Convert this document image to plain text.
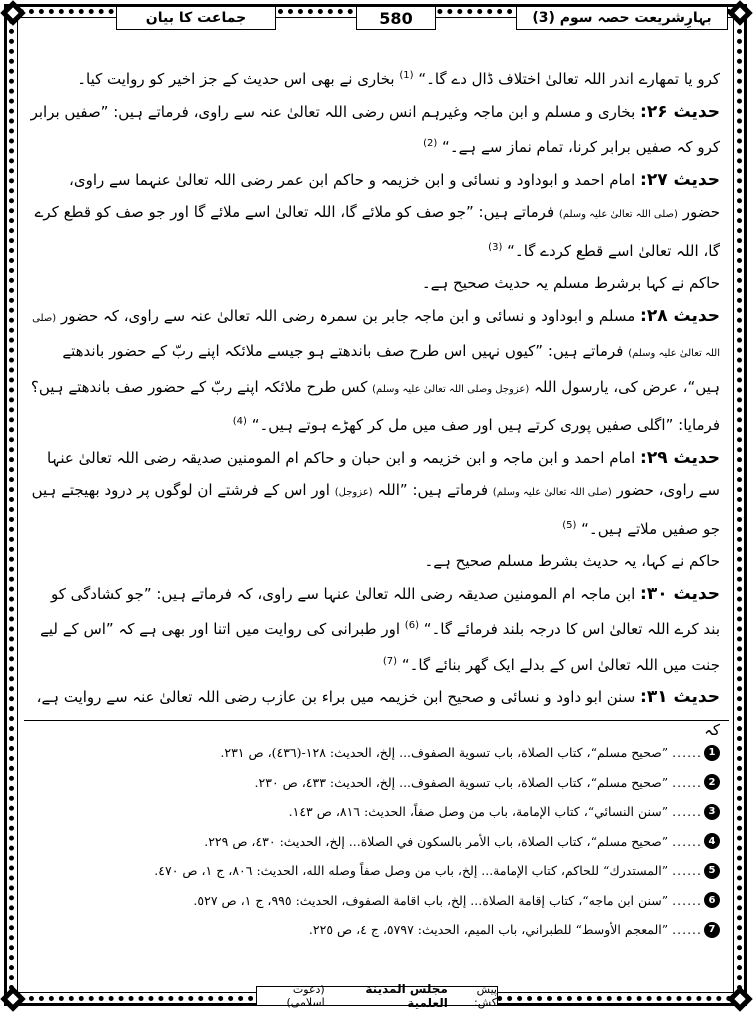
جماعت کا بیان	580	بہارِشریعت حصہ سوم (3)

کرو یا تمھارے اندر اللہ تعالیٰ اختلاف ڈال دے گا۔“ $^{(1)}$ بخاری نے بھی اس حدیث کے جز اخیر کو روایت کیا۔

حدیث ۲۶: بخاری و مسلم و ابن ماجہ وغیرہم انس رضی اللہ تعالیٰ عنہ سے راوی، فرماتے ہیں: ”صفیں برابر کرو کہ صفیں برابر کرنا، تمام نماز سے ہے۔“ $^{(2)}$

حدیث ۲۷: امام احمد و ابوداود و نسائی و ابن خزیمہ و حاکم ابن عمر رضی اللہ تعالیٰ عنہما سے راوی، حضور (صلی اللہ تعالیٰ علیہ وسلم) فرماتے ہیں: ”جو صف کو ملائے گا، اللہ تعالیٰ اسے ملائے گا اور جو صف کو قطع کرے گا، اللہ تعالیٰ اسے قطع کردے گا۔“ $^{(3)}$

حاکم نے کہا برشرط مسلم یہ حدیث صحیح ہے۔

حدیث ۲۸: مسلم و ابوداود و نسائی و ابن ماجہ جابر بن سمرہ رضی اللہ تعالیٰ عنہ سے راوی، کہ حضور (صلی اللہ تعالیٰ علیہ وسلم) فرماتے ہیں: ”کیوں نہیں اس طرح صف باندھتے ہو جیسے ملائکہ اپنے ربّ کے حضور باندھتے ہیں“، عرض کی، یارسول اللہ (عزوجل وصلی اللہ تعالیٰ علیہ وسلم) کس طرح ملائکہ اپنے ربّ کے حضور صف باندھتے ہیں؟ فرمایا: ”اگلی صفیں پوری کرتے ہیں اور صف میں مل کر کھڑے ہوتے ہیں۔“ $^{(4)}$

حدیث ۲۹: امام احمد و ابن ماجہ و ابن خزیمہ و ابن حبان و حاکم ام المومنین صدیقہ رضی اللہ تعالیٰ عنہا سے راوی، حضور (صلی اللہ تعالیٰ علیہ وسلم) فرماتے ہیں: ”اللہ (عزوجل) اور اس کے فرشتے ان لوگوں پر درود بھیجتے ہیں جو صفیں ملاتے ہیں۔“ $^{(5)}$

حاکم نے کہا، یہ حدیث بشرط مسلم صحیح ہے۔

حدیث ۳۰: ابن ماجہ ام المومنین صدیقہ رضی اللہ تعالیٰ عنہا سے راوی، کہ فرماتے ہیں: ”جو کشادگی کو بند کرے اللہ تعالیٰ اس کا درجہ بلند فرمائے گا۔“ $^{(6)}$ اور طبرانی کی روایت میں اتنا اور بھی ہے کہ ”اس کے لیے جنت میں اللہ تعالیٰ اس کے بدلے ایک گھر بنائے گا۔“ $^{(7)}$

حدیث ۳۱: سنن ابو داود و نسائی و صحیح ابن خزیمہ میں براء بن عازب رضی اللہ تعالیٰ عنہ سے روایت ہے، کہ

1
......
”صحيح مسلم“، كتاب الصلاة، باب تسوية الصفوف... إلخ، الحديث: ١٢٨-(٤٣٦)، ص ٢٣١.
2
......
”صحيح مسلم“، كتاب الصلاة، باب تسوية الصفوف... إلخ، الحديث: ٤٣٣، ص ٢٣٠.
3
......
”سنن النسائي“، كتاب الإمامة، باب من وصل صفاً، الحديث: ٨١٦، ص ١٤٣.
4
......
”صحيح مسلم“، كتاب الصلاة، باب الأمر بالسكون في الصلاة... إلخ، الحديث: ٤٣٠، ص ٢٢٩.
5
......
”المستدرك“ للحاكم، كتاب الإمامة... إلخ، باب من وصل صفاً وصله الله، الحديث: ٨٠٦، ج ١، ص ٤٧٠.
6
......
”سنن ابن ماجه“، كتاب إقامة الصلاة... إلخ، باب اقامة الصفوف، الحديث: ٩٩٥، ج ١، ص ٥٢٧.
7
......
”المعجم الأوسط“ للطبراني، باب الميم، الحديث: ٥٧٩٧، ج ٤، ص ٢٢٥.
پیش کش:
مجلس المدينة العلمية
(دعوت اسلامی)
